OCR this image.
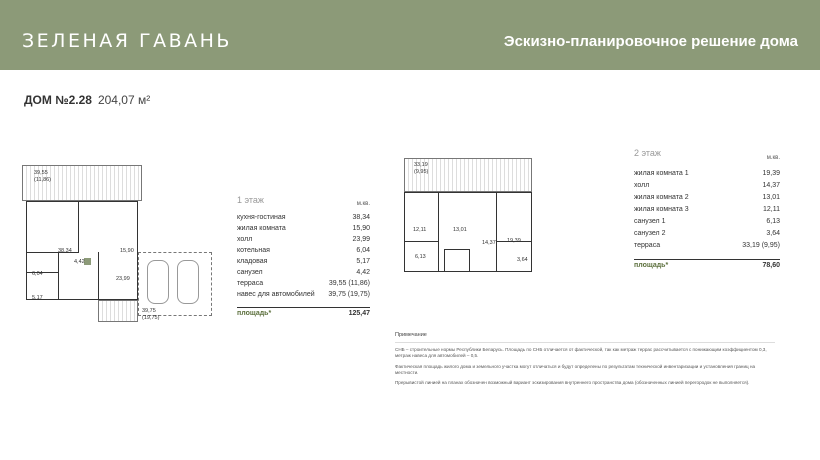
ЗЕЛЕНАЯ ГАВАНЬ	Эскизно-планировочное решение дома
ДОМ №2.28 204,07 м²
39,55
(11,86)
38,34	15,90
4,42
6,04
5,17
23,99
39,75
(19,75)
1 этаж	м.кв.
кухня-гостиная	38,34
жилая комната	15,90
холл	23,99
котельная	6,04
кладовая	5,17
санузел	4,42
терраса	39,55 (11,86)
навес для автомобилей 39,75 (19,75)
площадь*	125,47
33,19
(9,95)
12,11	13,01
19,39
14,37
6,13	3,64
2 этаж	м.кв.
жилая комната 1	19,39
холл	14,37
жилая комната 2	13,01
жилая комната 3	12,11
санузел 1	6,13
санузел 2	3,64
терраса	33,19 (9,95)
площадь*	78,60
Примечание

СНБ – строительные нормы Республики Беларусь. Площадь по СНБ отличается от фактической, так как метраж террас рассчитывается с понижающим коэффициентом 0,3, метраж навеса для автомобилей – 0,5.

Фактическая площадь жилого дома и земельного участка могут отличаться и будут определены по результатам технической инвентаризации и установления границ на местности.

Прерывистой линией на планах обозначен возможный вариант эскизирования внутреннего пространства дома (обозначенных линией перегородок не выполняется).
